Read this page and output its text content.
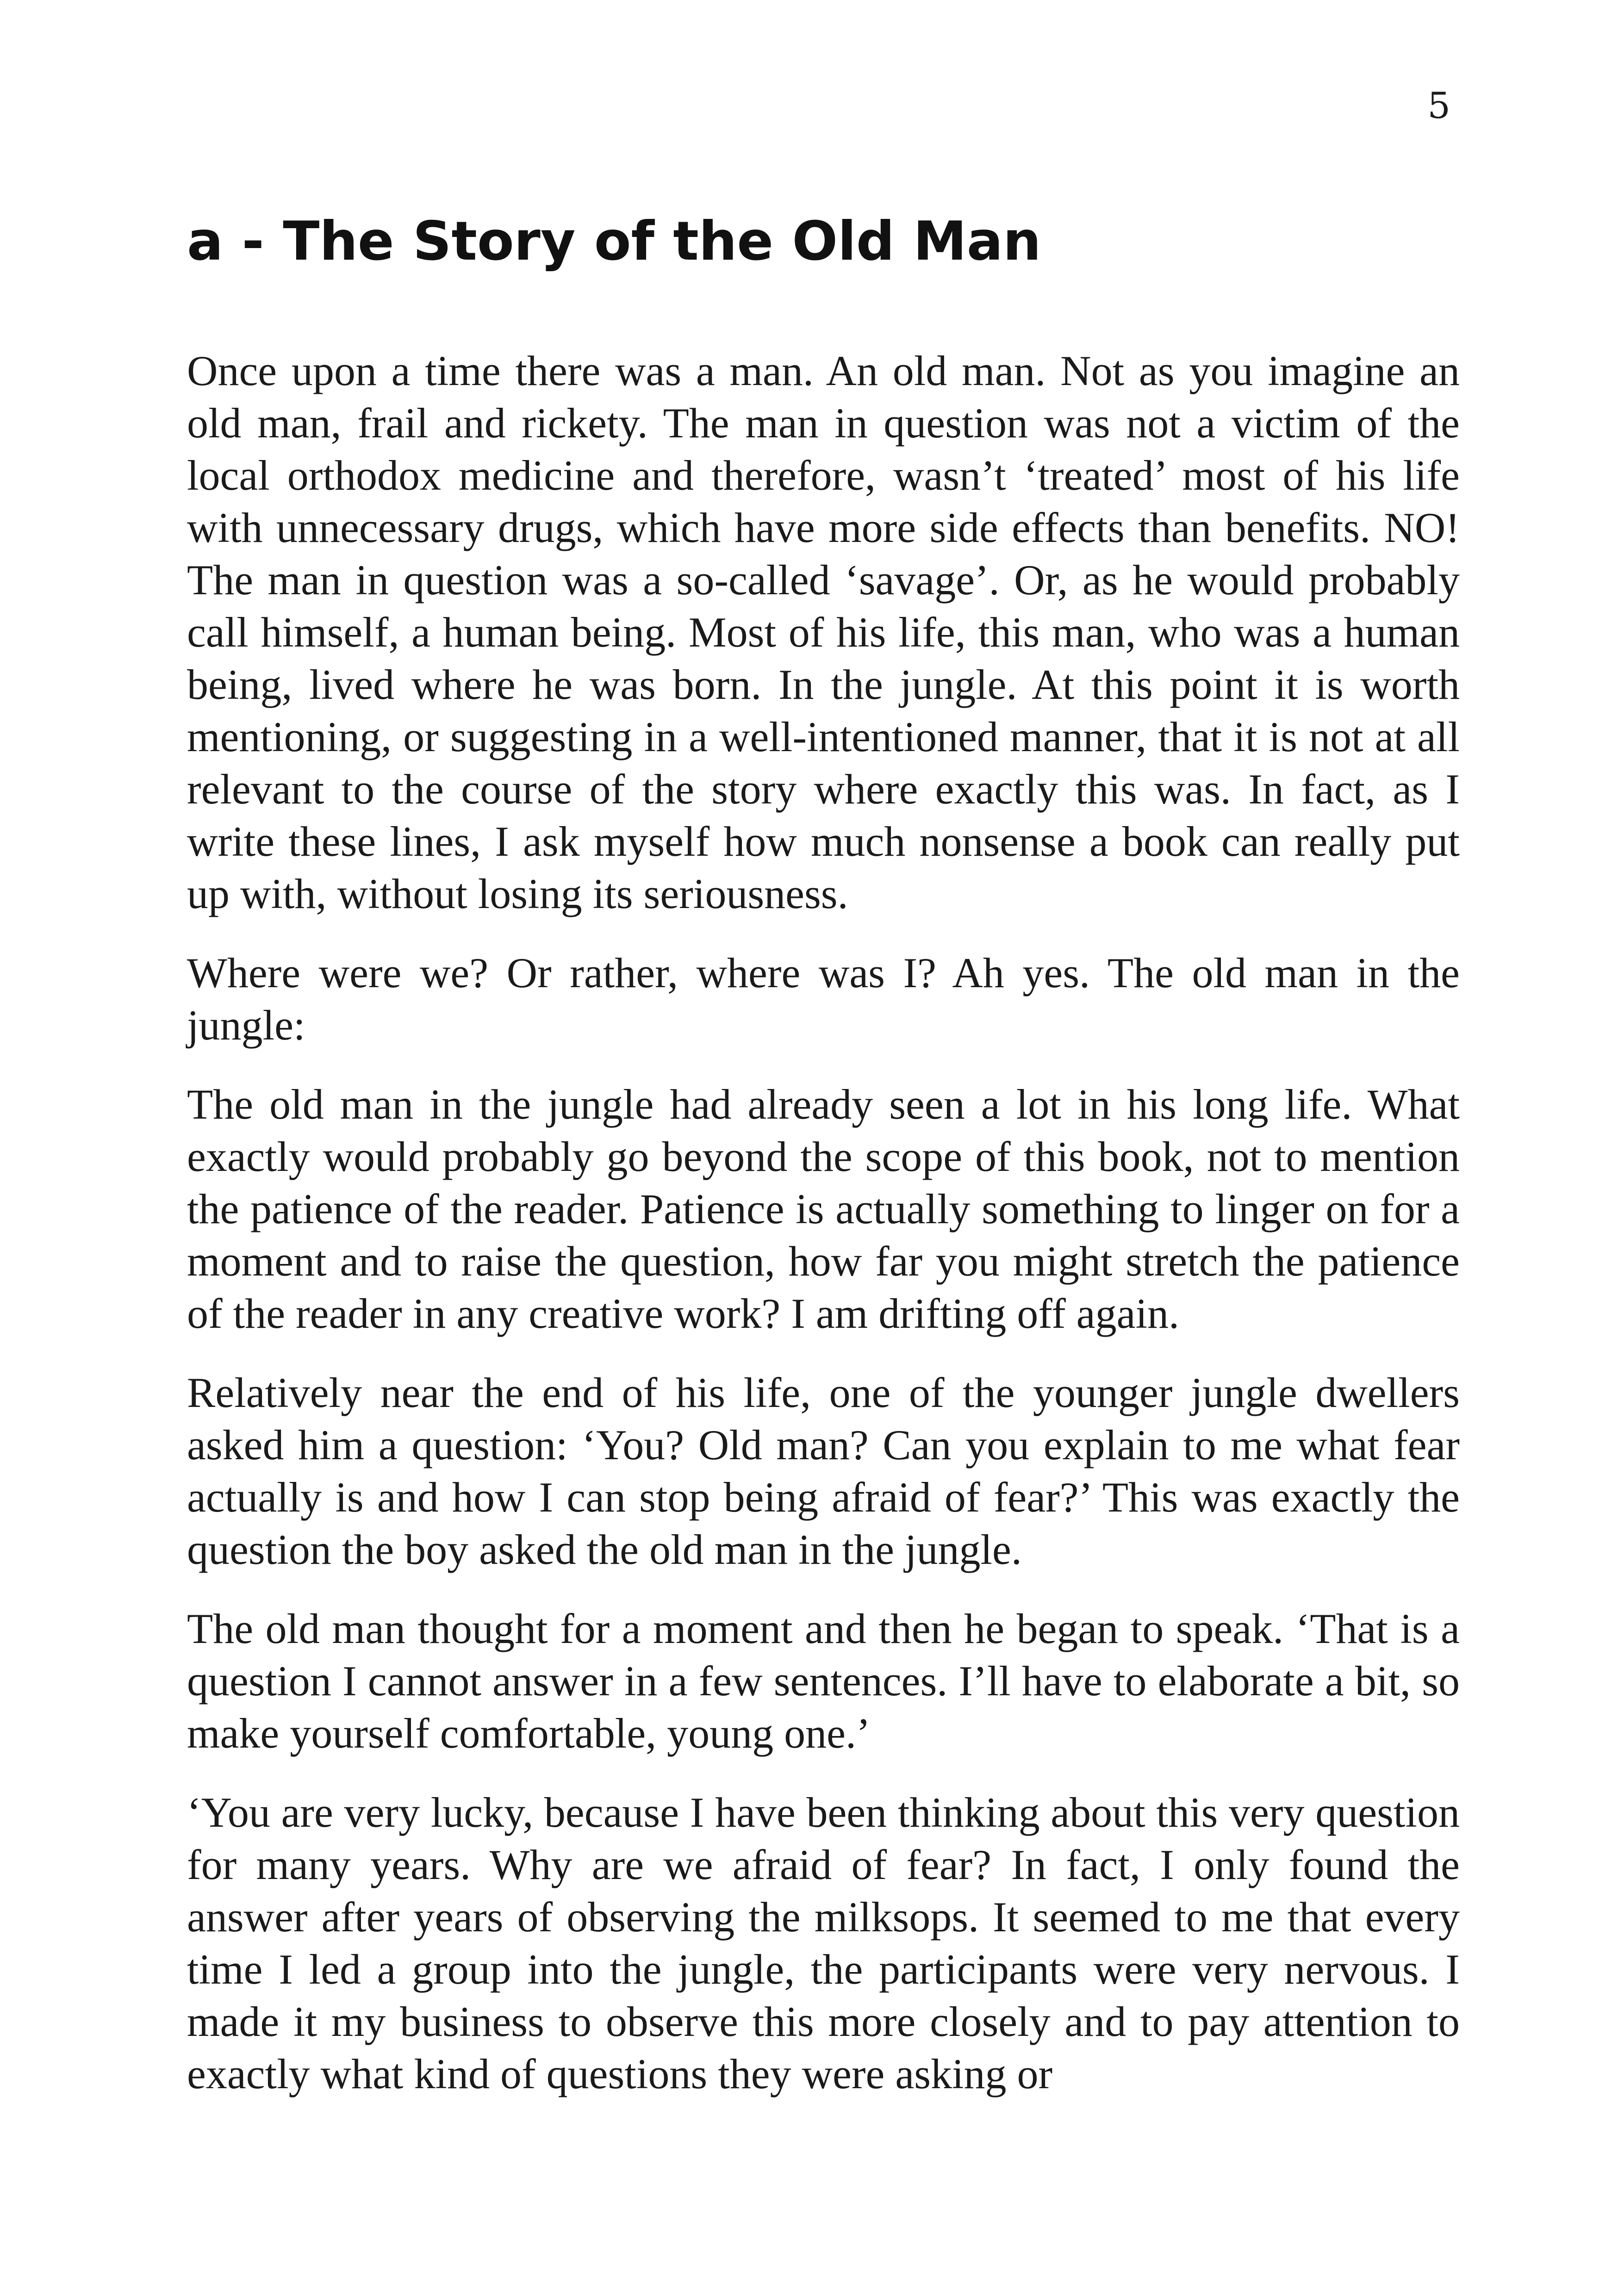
5
a - The Story of the Old Man

Once upon a time there was a man. An old man. Not as you imagine an old man, frail and rickety. The man in question was not a victim of the local orthodox medicine and therefore, wasn’t ‘treated’ most of his life with unnecessary drugs, which have more side effects than benefits. NO! The man in question was a so-called ‘savage’. Or, as he would probably call himself, a human being. Most of his life, this man, who was a human being, lived where he was born. In the jungle. At this point it is worth mentioning, or suggesting in a well-intentioned manner, that it is not at all relevant to the course of the story where exactly this was. In fact, as I write these lines, I ask myself how much nonsense a book can really put up with, without losing its seriousness.

Where were we? Or rather, where was I? Ah yes. The old man in the jungle:

The old man in the jungle had already seen a lot in his long life. What exactly would probably go beyond the scope of this book, not to mention the patience of the reader. Patience is actually something to linger on for a moment and to raise the question, how far you might stretch the patience of the reader in any creative work? I am drifting off again.

Relatively near the end of his life, one of the younger jungle dwellers asked him a question: ‘You? Old man? Can you explain to me what fear actually is and how I can stop being afraid of fear?’ This was exactly the question the boy asked the old man in the jungle.

The old man thought for a moment and then he began to speak. ‘That is a question I cannot answer in a few sentences. I’ll have to elaborate a bit, so make yourself comfortable, young one.’

‘You are very lucky, because I have been thinking about this very question for many years. Why are we afraid of fear? In fact, I only found the answer after years of observing the milksops. It seemed to me that every time I led a group into the jungle, the participants were very nervous. I made it my business to observe this more closely and to pay attention to exactly what kind of questions they were asking or
